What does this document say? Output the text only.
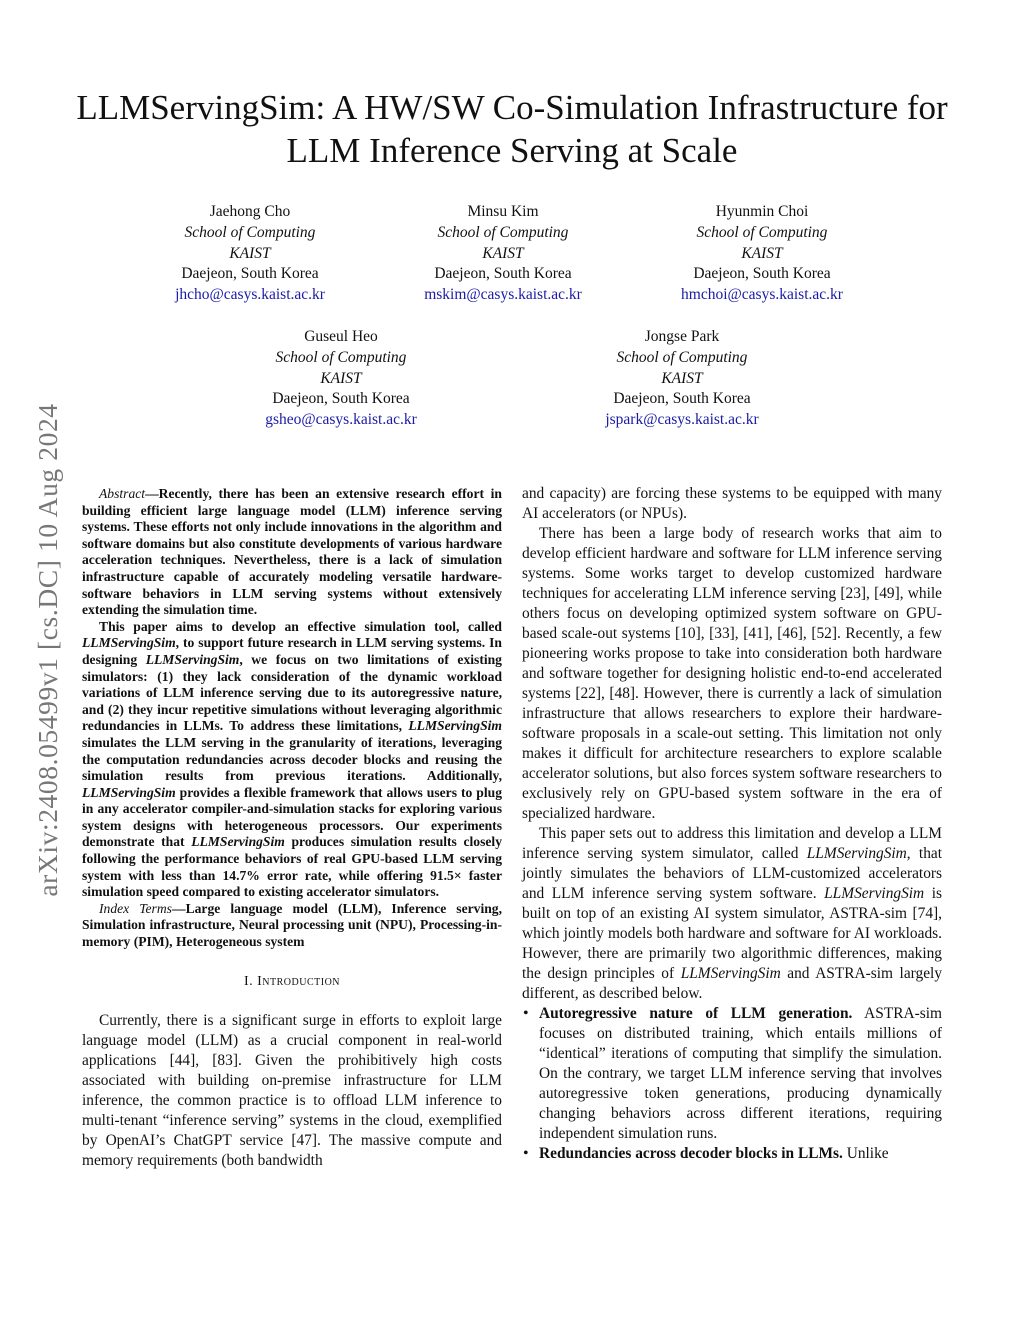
LLMServingSim: A HW/SW Co-Simulation Infrastructure for LLM Inference Serving at Scale
Jaehong Cho
School of Computing
KAIST
Daejeon, South Korea
jhcho@casys.kaist.ac.kr
Minsu Kim
School of Computing
KAIST
Daejeon, South Korea
mskim@casys.kaist.ac.kr
Hyunmin Choi
School of Computing
KAIST
Daejeon, South Korea
hmchoi@casys.kaist.ac.kr
Guseul Heo
School of Computing
KAIST
Daejeon, South Korea
gsheo@casys.kaist.ac.kr
Jongse Park
School of Computing
KAIST
Daejeon, South Korea
jspark@casys.kaist.ac.kr
arXiv:2408.05499v1 [cs.DC] 10 Aug 2024	Abstract—Recently, there has been an extensive research effort in building efficient large language model (LLM) inference serving systems. These efforts not only include innovations in the algorithm and software domains but also constitute developments of various hardware acceleration techniques. Nevertheless, there is a lack of simulation infrastructure capable of accurately modeling versatile hardware-software behaviors in LLM serving systems without extensively extending the simulation time.

This paper aims to develop an effective simulation tool, called LLMServingSim, to support future research in LLM serving systems. In designing LLMServingSim, we focus on two limitations of existing simulators: (1) they lack consideration of the dynamic workload variations of LLM inference serving due to its autoregressive nature, and (2) they incur repetitive simulations without leveraging algorithmic redundancies in LLMs. To address these limitations, LLMServingSim simulates the LLM serving in the granularity of iterations, leveraging the computation redundancies across decoder blocks and reusing the simulation results from previous iterations. Additionally, LLMServingSim provides a flexible framework that allows users to plug in any accelerator compiler-and-simulation stacks for exploring various system designs with heterogeneous processors. Our experiments demonstrate that LLMServingSim produces simulation results closely following the performance behaviors of real GPU-based LLM serving system with less than 14.7% error rate, while offering 91.5× faster simulation speed compared to existing accelerator simulators.

Index Terms—Large language model (LLM), Inference serving, Simulation infrastructure, Neural processing unit (NPU), Processing-in-memory (PIM), Heterogeneous system

I. Introduction

Currently, there is a significant surge in efforts to exploit large language model (LLM) as a crucial component in real-world applications [44], [83]. Given the prohibitively high costs associated with building on-premise infrastructure for LLM inference, the common practice is to offload LLM inference to multi-tenant “inference serving” systems in the cloud, exemplified by OpenAI’s ChatGPT service [47]. The massive compute and memory requirements (both bandwidth

and capacity) are forcing these systems to be equipped with many AI accelerators (or NPUs).

There has been a large body of research works that aim to develop efficient hardware and software for LLM inference serving systems. Some works target to develop customized hardware techniques for accelerating LLM inference serving [23], [49], while others focus on developing optimized system software on GPU-based scale-out systems [10], [33], [41], [46], [52]. Recently, a few pioneering works propose to take into consideration both hardware and software together for designing holistic end-to-end accelerated systems [22], [48]. However, there is currently a lack of simulation infrastructure that allows researchers to explore their hardware-software proposals in a scale-out setting. This limitation not only makes it difficult for architecture researchers to explore scalable accelerator solutions, but also forces system software researchers to exclusively rely on GPU-based system software in the era of specialized hardware.

This paper sets out to address this limitation and develop a LLM inference serving system simulator, called LLMServingSim, that jointly simulates the behaviors of LLM-customized accelerators and LLM inference serving system software. LLMServingSim is built on top of an existing AI system simulator, ASTRA-sim [74], which jointly models both hardware and software for AI workloads. However, there are primarily two algorithmic differences, making the design principles of LLMServingSim and ASTRA-sim largely different, as described below.

• Autoregressive nature of LLM generation. ASTRA-sim focuses on distributed training, which entails millions of “identical” iterations of computing that simplify the simulation. On the contrary, we target LLM inference serving that involves autoregressive token generations, producing dynamically changing behaviors across different iterations, requiring independent simulation runs.
• Redundancies across decoder blocks in LLMs. Unlike
